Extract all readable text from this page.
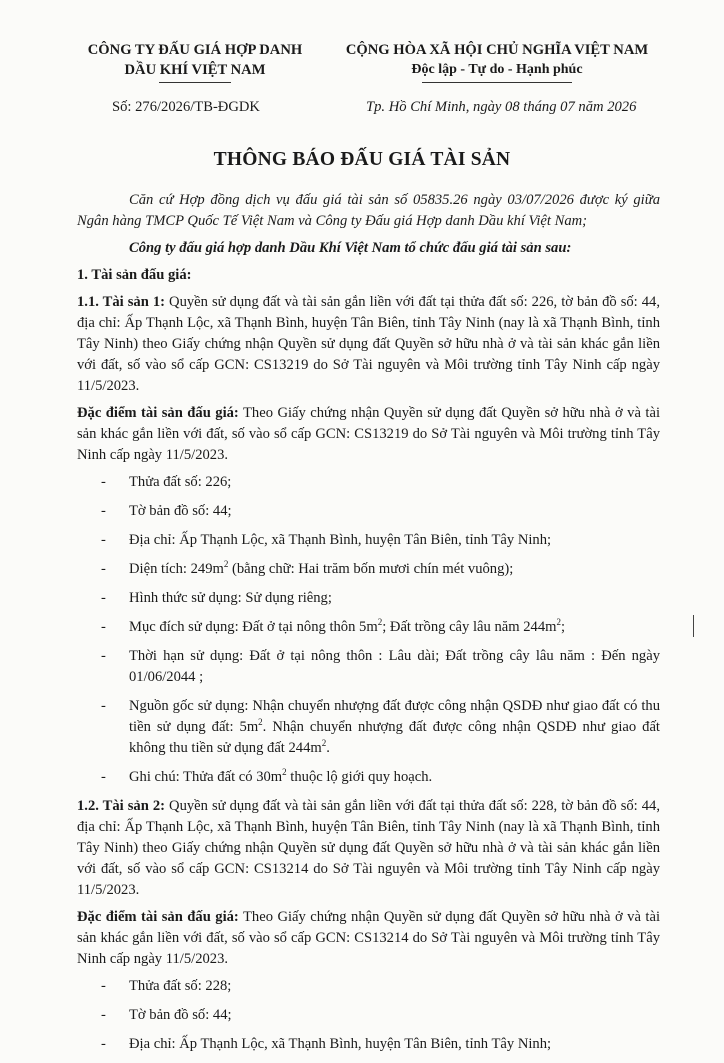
CÔNG TY ĐẤU GIÁ HỢP DANH
DẦU KHÍ VIỆT NAM
CỘNG HÒA XÃ HỘI CHỦ NGHĨA VIỆT NAM
Độc lập - Tự do - Hạnh phúc
Số: 276/2026/TB-ĐGDK	Tp. Hồ Chí Minh, ngày 08 tháng 07 năm 2026
THÔNG BÁO ĐẤU GIÁ TÀI SẢN

Căn cứ Hợp đồng dịch vụ đấu giá tài sản số 05835.26 ngày 03/07/2026 được ký giữa Ngân hàng TMCP Quốc Tế Việt Nam và Công ty Đấu giá Hợp danh Dầu khí Việt Nam;

Công ty đấu giá hợp danh Dầu Khí Việt Nam tổ chức đấu giá tài sản sau:

1. Tài sản đấu giá:

1.1. Tài sản 1: Quyền sử dụng đất và tài sản gắn liền với đất tại thửa đất số: 226, tờ bản đồ số: 44, địa chỉ: Ấp Thạnh Lộc, xã Thạnh Bình, huyện Tân Biên, tỉnh Tây Ninh (nay là xã Thạnh Bình, tỉnh Tây Ninh) theo Giấy chứng nhận Quyền sử dụng đất Quyền sở hữu nhà ở và tài sản khác gắn liền với đất, số vào sổ cấp GCN: CS13219 do Sở Tài nguyên và Môi trường tỉnh Tây Ninh cấp ngày 11/5/2023.

Đặc điểm tài sản đấu giá: Theo Giấy chứng nhận Quyền sử dụng đất Quyền sở hữu nhà ở và tài sản khác gắn liền với đất, số vào sổ cấp GCN: CS13219 do Sở Tài nguyên và Môi trường tỉnh Tây Ninh cấp ngày 11/5/2023.

- Thửa đất số: 226;
- Tờ bản đồ số: 44;
- Địa chỉ: Ấp Thạnh Lộc, xã Thạnh Bình, huyện Tân Biên, tỉnh Tây Ninh;
- Diện tích: $249m^2$ (bằng chữ: Hai trăm bốn mươi chín mét vuông);
- Hình thức sử dụng: Sử dụng riêng;
- Mục đích sử dụng: Đất ở tại nông thôn $5m^2$; Đất trồng cây lâu năm $244m^2$;
- Thời hạn sử dụng: Đất ở tại nông thôn : Lâu dài; Đất trồng cây lâu năm : Đến ngày 01/06/2044 ;
- Nguồn gốc sử dụng: Nhận chuyển nhượng đất được công nhận QSDĐ như giao đất có thu tiền sử dụng đất: $5m^2$. Nhận chuyển nhượng đất được công nhận QSDĐ như giao đất không thu tiền sử dụng đất $244m^2$.
- Ghi chú: Thửa đất có $30m^2$ thuộc lộ giới quy hoạch.

1.2. Tài sản 2: Quyền sử dụng đất và tài sản gắn liền với đất tại thửa đất số: 228, tờ bản đồ số: 44, địa chỉ: Ấp Thạnh Lộc, xã Thạnh Bình, huyện Tân Biên, tỉnh Tây Ninh (nay là xã Thạnh Bình, tỉnh Tây Ninh) theo Giấy chứng nhận Quyền sử dụng đất Quyền sở hữu nhà ở và tài sản khác gắn liền với đất, số vào sổ cấp GCN: CS13214 do Sở Tài nguyên và Môi trường tỉnh Tây Ninh cấp ngày 11/5/2023.

Đặc điểm tài sản đấu giá: Theo Giấy chứng nhận Quyền sử dụng đất Quyền sở hữu nhà ở và tài sản khác gắn liền với đất, số vào sổ cấp GCN: CS13214 do Sở Tài nguyên và Môi trường tỉnh Tây Ninh cấp ngày 11/5/2023.

- Thửa đất số: 228;
- Tờ bản đồ số: 44;
- Địa chỉ: Ấp Thạnh Lộc, xã Thạnh Bình, huyện Tân Biên, tỉnh Tây Ninh;
